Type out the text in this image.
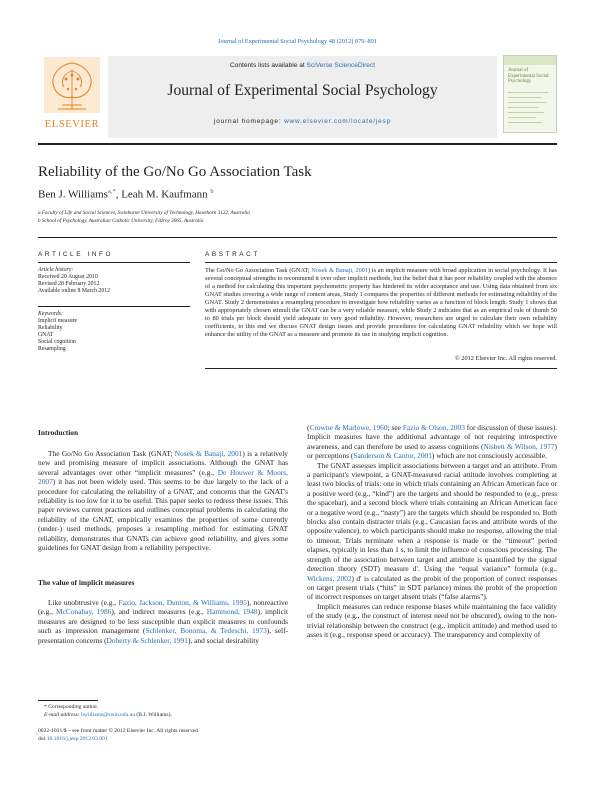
Journal of Experimental Social Psychology 48 (2012) 879–891
ELSEVIER
Contents lists available at SciVerse ScienceDirect
Journal of Experimental Social Psychology
journal homepage: www.elsevier.com/locate/jesp
Journal of Experimental Social Psychology
Reliability of the Go/No Go Association Task
Ben J. Williams$^{a,*}$, Leah M. Kaufmann $^b$
a Faculty of Life and Social Sciences, Swinburne University of Technology, Hawthorn 3122, Australia
b School of Psychology, Australian Catholic University, Fitzroy 3065, Australia
ARTICLE INFO
Article history:
Received 20 August 2010
Revised 28 February 2012
Available online 8 March 2012
Keywords:
Implicit measure
Reliability
GNAT
Social cognition
Resampling
ABSTRACT
The Go/No Go Association Task (GNAT; Nosek & Banaji, 2001) is an implicit measure with broad application in social psychology. It has several conceptual strengths to recommend it over other implicit methods, but the belief that it has poor reliability coupled with the absence of a method for calculating this important psychometric property has hindered its wider acceptance and use. Using data obtained from six GNAT studies covering a wide range of content areas, Study 1 compares the properties of different methods for estimating reliability of the GNAT. Study 2 demonstrates a resampling procedure to investigate how reliability varies as a function of block length. Study 1 shows that with appropriately chosen stimuli the GNAT can be a very reliable measure, while Study 2 indicates that as an empirical rule of thumb 50 to 80 trials per block should yield adequate to very good reliability. However, researchers are urged to calculate their own reliability coefficients, to this end we discuss GNAT design issues and provide procedures for calculating GNAT reliability which we hope will enhance the utility of the GNAT as a measure and promote its use in studying implicit cognition.
© 2012 Elsevier Inc. All rights reserved.
Introduction

The Go/No Go Association Task (GNAT; Nosek & Banaji, 2001) is a relatively new and promising measure of implicit associations. Although the GNAT has several advantages over other “implicit measures” (e.g., De Houwer & Moors, 2007) it has not been widely used. This seems to be due largely to the lack of a procedure for calculating the reliability of a GNAT, and concerns that the GNAT's reliability is too low for it to be useful. This paper seeks to redress these issues. This paper reviews current practices and outlines conceptual problems in calculating the reliability of the GNAT, empirically examines the properties of some currently (under-) used methods, proposes a resampling method for estimating GNAT reliability, demonstrates that GNATs can achieve good reliability, and gives some guidelines for GNAT design from a reliability perspective.

The value of implicit measures

Like unobtrusive (e.g., Fazio, Jackson, Dunton, & Williams, 1995), nonreactive (e.g., McConahay, 1986), and indirect measures (e.g., Hammond, 1948), implicit measures are designed to be less susceptible than explicit measures to confounds such as impression management (Schlenker, Bonoma, & Tedeschi, 1973), self-presentation concerns (Doherty & Schlenker, 1991), and social desirability

(Crowne & Marlowe, 1960; see Fazio & Olson, 2003 for discussion of these issues). Implicit measures have the additional advantage of not requiring introspective awareness, and can therefore be used to assess cognitions (Nisbett & Wilson, 1977) or perceptions (Sanderson & Cantor, 2001) which are not consciously accessible.

The GNAT assesses implicit associations between a target and an attribute. From a participant's viewpoint, a GNAT-measured racial attitude involves completing at least two blocks of trials: one in which trials containing an African American face or a positive word (e.g., “kind”) are the targets and should be responded to (e.g., press the spacebar), and a second block where trials containing an African American face or a negative word (e.g., “nasty”) are the targets which should be responded to. Both blocks also contain distracter trials (e.g., Caucasian faces and attribute words of the opposite valence), to which participants should make no response, allowing the trial to timeout. Trials terminate when a response is made or the “timeout” period elapses, typically in less than 1 s, to limit the influence of conscious processing. The strength of the association between target and attribute is quantified by the signal detection theory (SDT) measure d′. Using the “equal variance” formula (e.g., Wickens, 2002) d′ is calculated as the probit of the proportion of correct responses on target present trials (“hits” in SDT parlance) minus the probit of the proportion of incorrect responses on target absent trials (“false alarms”).

Implicit measures can reduce response biases while maintaining the face validity of the study (e.g., the construct of interest need not be obscured), owing to the non-trivial relationship between the construct (e.g., implicit attitude) and method used to asses it (e.g., response speed or accuracy). The transparency and complexity of

* Corresponding author.
E-mail address: bwilliams@swin.edu.au (B.J. Williams).
0022-1031/$ – see front matter © 2012 Elsevier Inc. All rights reserved.
doi:10.1016/j.jesp.2012.03.001
